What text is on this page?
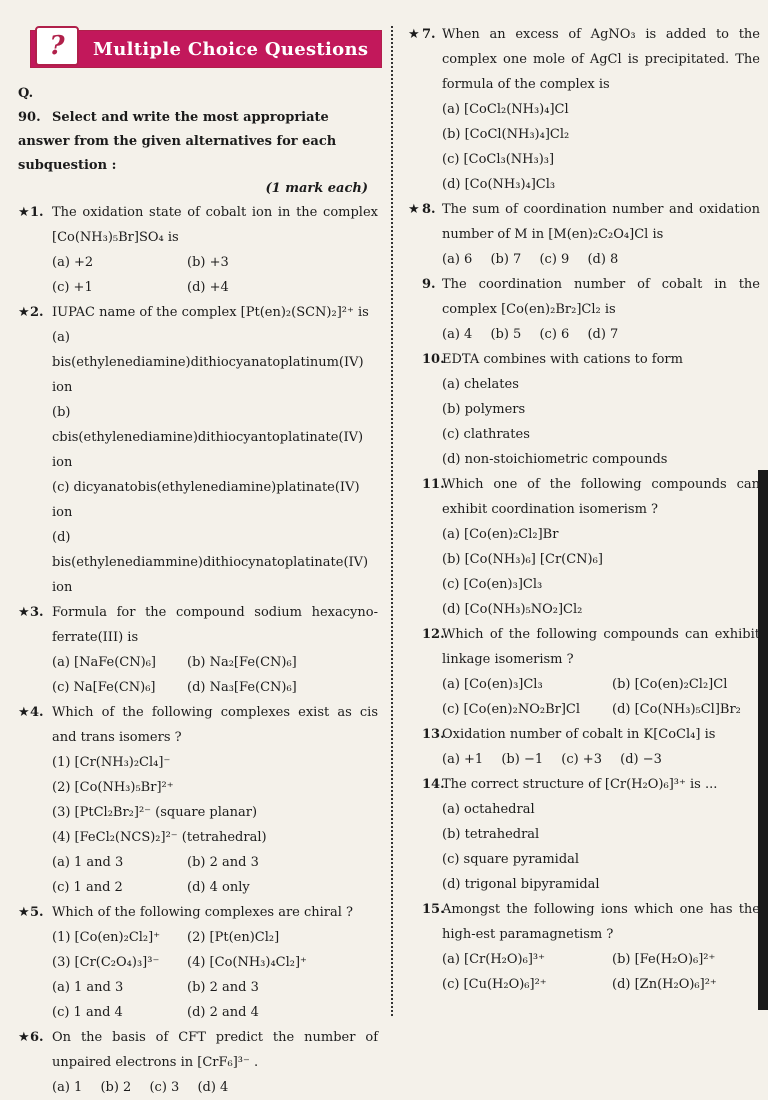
?	Multiple Choice Questions
Q. 90. Select and write the most appropriate answer from the given alternatives for each subquestion :
(1 mark each)
★ 1. The oxidation state of cobalt ion in the complex [Co(NH₃)₅Br]SO₄ is
(a) +2	(b) +3
(c) +1	(d) +4
★ 2. IUPAC name of the complex [Pt(en)₂(SCN)₂]²⁺ is
(a) bis(ethylenediamine)dithiocyanatoplatinum(IV) ion
(b) cbis(ethylenediamine)dithiocyantoplatinate(IV) ion
(c) dicyanatobis(ethylenediamine)platinate(IV) ion
(d) bis(ethylenediammine)dithiocynatoplatinate(IV) ion
★ 3. Formula for the compound sodium hexacyno-ferrate(III) is
(a) [NaFe(CN)₆]	(b) Na₂[Fe(CN)₆]
(c) Na[Fe(CN)₆]	(d) Na₃[Fe(CN)₆]
★ 4. Which of the following complexes exist as cis and trans isomers ?
(1) [Cr(NH₃)₂Cl₄]⁻
(2) [Co(NH₃)₅Br]²⁺
(3) [PtCl₂Br₂]²⁻ (square planar)
(4) [FeCl₂(NCS)₂]²⁻ (tetrahedral)
(a) 1 and 3	(b) 2 and 3
(c) 1 and 2	(d) 4 only
★ 5. Which of the following complexes are chiral ?
(1) [Co(en)₂Cl₂]⁺	(2) [Pt(en)Cl₂]
(3) [Cr(C₂O₄)₃]³⁻	(4) [Co(NH₃)₄Cl₂]⁺
(a) 1 and 3	(b) 2 and 3
(c) 1 and 4	(d) 2 and 4
★ 6. On the basis of CFT predict the number of unpaired electrons in [CrF₆]³⁻ .
(a) 1 (b) 2 (c) 3 (d) 4
★ 7. When an excess of AgNO₃ is added to the complex one mole of AgCl is precipitated. The formula of the complex is
(a) [CoCl₂(NH₃)₄]Cl
(b) [CoCl(NH₃)₄]Cl₂
(c) [CoCl₃(NH₃)₃]
(d) [Co(NH₃)₄]Cl₃
★ 8. The sum of coordination number and oxidation number of M in [M(en)₂C₂O₄]Cl is
(a) 6 (b) 7 (c) 9 (d) 8
9. The coordination number of cobalt in the complex [Co(en)₂Br₂]Cl₂ is
(a) 4 (b) 5 (c) 6 (d) 7
10.
EDTA combines with cations to form
(a) chelates
(b) polymers
(c) clathrates
(d) non-stoichiometric compounds
11.
Which one of the following compounds can exhibit coordination isomerism ?
(a) [Co(en)₂Cl₂]Br
(b) [Co(NH₃)₆] [Cr(CN)₆]
(c) [Co(en)₃]Cl₃
(d) [Co(NH₃)₅NO₂]Cl₂
12.
Which of the following compounds can exhibit linkage isomerism ?
(a) [Co(en)₃]Cl₃	(b) [Co(en)₂Cl₂]Cl
(c) [Co(en)₂NO₂Br]Cl	(d) [Co(NH₃)₅Cl]Br₂
13.
Oxidation number of cobalt in K[CoCl₄] is
(a) +1 (b) −1 (c) +3 (d) −3
14.
The correct structure of [Cr(H₂O)₆]³⁺ is ...
(a) octahedral
(b) tetrahedral
(c) square pyramidal
(d) trigonal bipyramidal
15.
Amongst the following ions which one has the high-est paramagnetism ?
(a) [Cr(H₂O)₆]³⁺	(b) [Fe(H₂O)₆]²⁺
(c) [Cu(H₂O)₆]²⁺	(d) [Zn(H₂O)₆]²⁺
